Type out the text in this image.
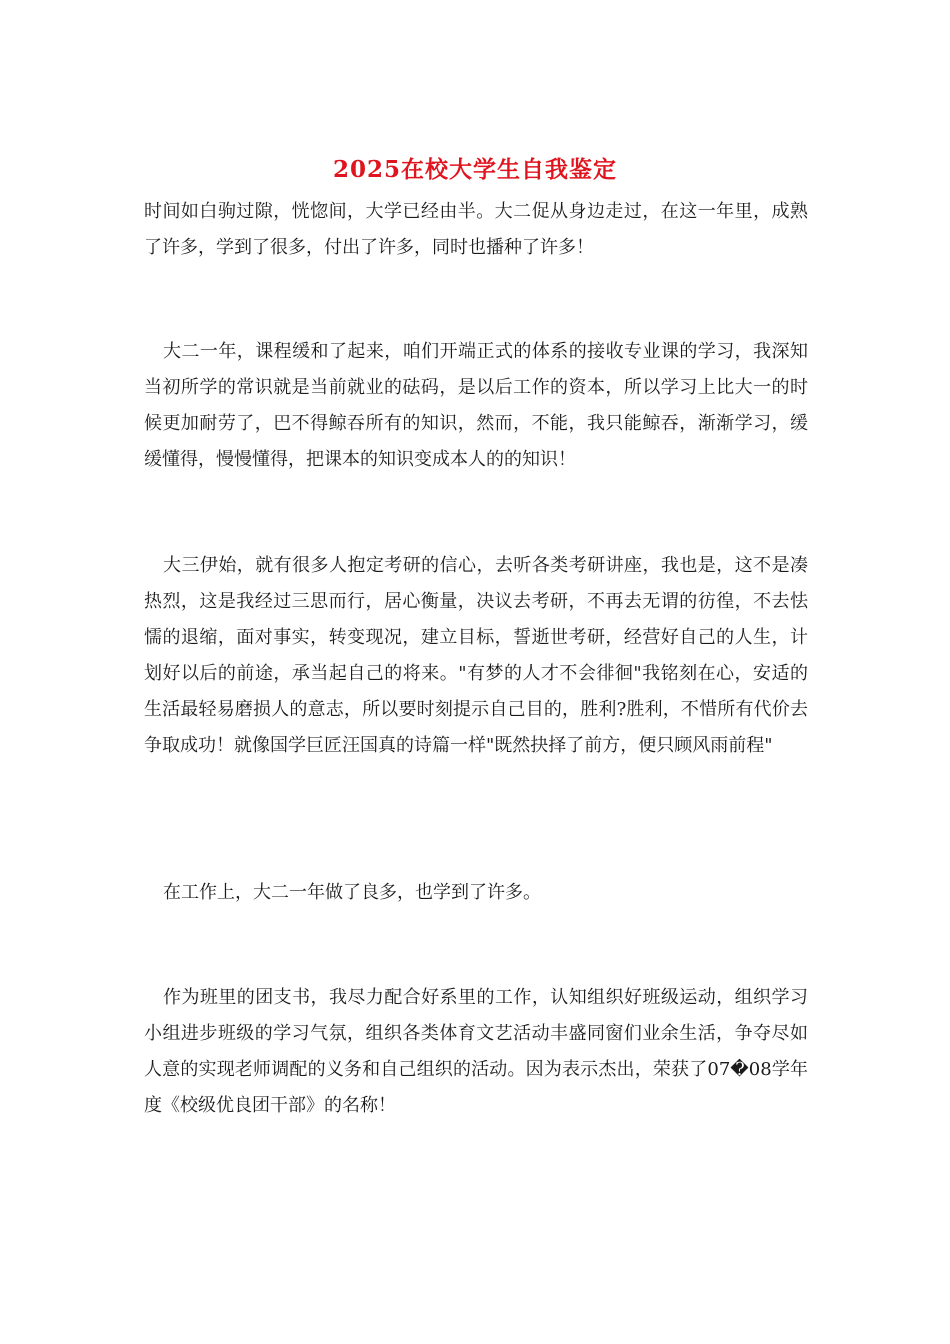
2025在校大学生自我鉴定

时间如白驹过隙，恍惚间，大学已经由半。大二促从身边走过，在这一年里，成熟了许多，学到了很多，付出了许多，同时也播种了许多！

大二一年，课程缓和了起来，咱们开端正式的体系的接收专业课的学习，我深知当初所学的常识就是当前就业的砝码，是以后工作的资本，所以学习上比大一的时候更加耐劳了，巴不得鲸吞所有的知识，然而，不能，我只能鲸吞，渐渐学习，缓缓懂得，慢慢懂得，把课本的知识变成本人的的知识！

大三伊始，就有很多人抱定考研的信心，去听各类考研讲座，我也是，这不是凑热烈，这是我经过三思而行，居心衡量，决议去考研，不再去无谓的彷徨，不去怯懦的退缩，面对事实，转变现况，建立目标，誓逝世考研，经营好自己的人生，计划好以后的前途，承当起自己的将来。"有梦的人才不会徘徊"我铭刻在心，安适的生活最轻易磨损人的意志，所以要时刻提示自己目的，胜利?胜利，不惜所有代价去争取成功！就像国学巨匠汪国真的诗篇一样"既然抉择了前方，便只顾风雨前程"

在工作上，大二一年做了良多，也学到了许多。

作为班里的团支书，我尽力配合好系里的工作，认知组织好班级运动，组织学习小组进步班级的学习气氛，组织各类体育文艺活动丰盛同窗们业余生活，争夺尽如人意的实现老师调配的义务和自己组织的活动。因为表示杰出，荣获了07�08学年度《校级优良团干部》的名称！
